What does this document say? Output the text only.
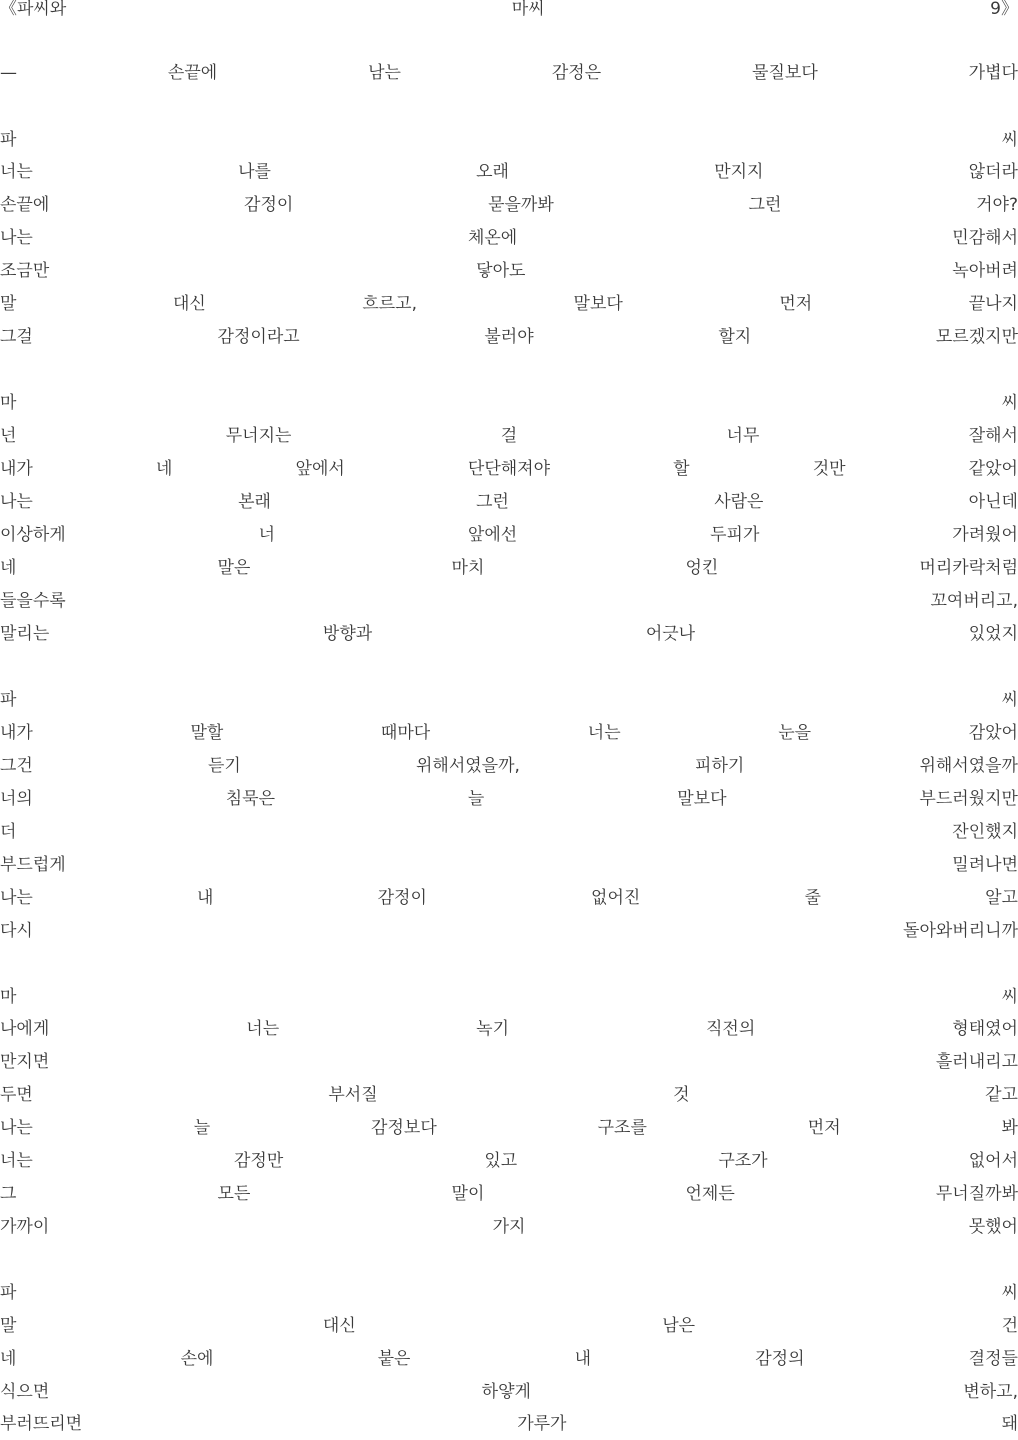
《파씨와	마씨	9》
—	손끝에	남는	감정은	물질보다	가볍다
파	씨
너는	나를	오래	만지지	않더라
손끝에	감정이	묻을까봐	그런	거야?
나는	체온에	민감해서
조금만	닿아도	녹아버려
말	대신	흐르고,	말보다	먼저	끝나지
그걸	감정이라고	불러야	할지	모르겠지만
마	씨
넌	무너지는	걸	너무	잘해서
내가	네	앞에서	단단해져야	할	것만	같았어
나는	본래	그런	사람은	아닌데
이상하게	너	앞에선	두피가	가려웠어
네	말은	마치	엉킨	머리카락처럼
들을수록	꼬여버리고,
말리는	방향과	어긋나	있었지
파	씨
내가	말할	때마다	너는	눈을	감았어
그건	듣기	위해서였을까,	피하기	위해서였을까
너의	침묵은	늘	말보다	부드러웠지만
더	잔인했지
부드럽게	밀려나면
나는	내	감정이	없어진	줄	알고
다시	돌아와버리니까
마	씨
나에게	너는	녹기	직전의	형태였어
만지면	흘러내리고
두면	부서질	것	같고
나는	늘	감정보다	구조를	먼저	봐
너는	감정만	있고	구조가	없어서
그	모든	말이	언제든	무너질까봐
가까이	가지	못했어
파	씨
말	대신	남은	건
네	손에	붙은	내	감정의	결정들
식으면	하얗게	변하고,
부러뜨리면	가루가	돼
